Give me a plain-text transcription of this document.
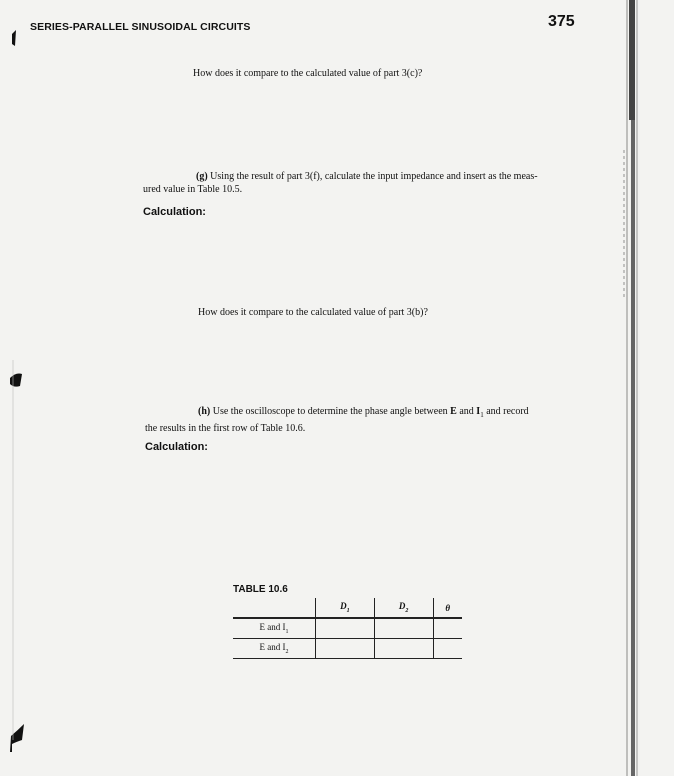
SERIES-PARALLEL SINUSOIDAL CIRCUITS	375
How does it compare to the calculated value of part 3(c)?
(g) Using the result of part 3(f), calculate the input impedance and insert as the meas-
ured value in Table 10.5.
Calculation:
How does it compare to the calculated value of part 3(b)?
(h) Use the oscilloscope to determine the phase angle between E and $I_1$ and record
the results in the first row of Table 10.6.
Calculation:
TABLE 10.6
	$D_1$	$D_2$	θ
E and $I_1$			
E and $I_2$			
